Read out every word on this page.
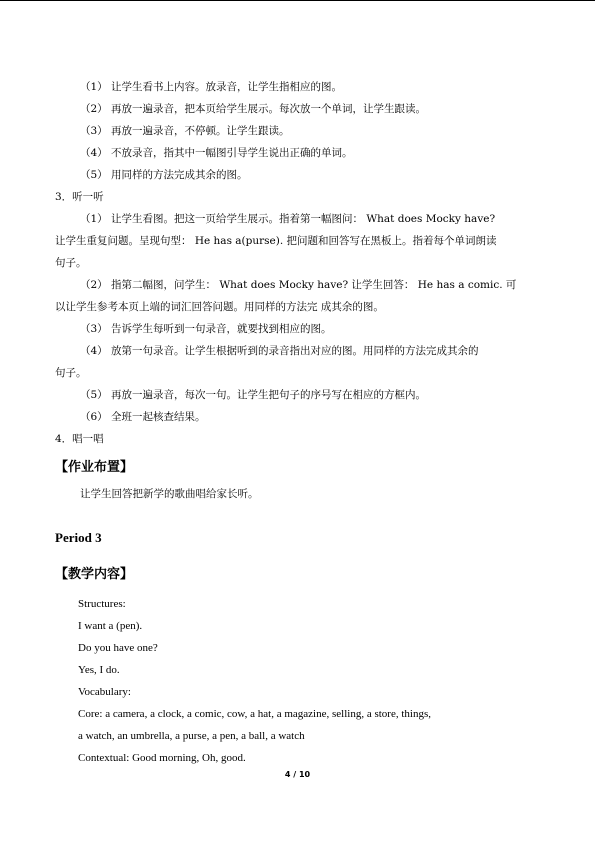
（1） 让学生看书上内容。放录音，让学生指相应的图。
（2） 再放一遍录音，把本页给学生展示。每次放一个单词，让学生跟读。
（3） 再放一遍录音，不停顿。让学生跟读。
（4） 不放录音，指其中一幅图引导学生说出正确的单词。
（5） 用同样的方法完成其余的图。
3．听一听
（1） 让学生看图。把这一页给学生展示。指着第一幅图问： What does Mocky have?
让学生重复问题。呈现句型： He has a(purse). 把问题和回答写在黑板上。指着每个单词朗读
句子。
（2） 指第二幅图，问学生： What does Mocky have? 让学生回答： He has a comic. 可
以让学生参考本页上端的词汇回答问题。用同样的方法完 成其余的图。
（3） 告诉学生每听到一句录音，就要找到相应的图。
（4） 放第一句录音。让学生根据听到的录音指出对应的图。用同样的方法完成其余的
句子。
（5） 再放一遍录音，每次一句。让学生把句子的序号写在相应的方框内。
（6） 全班一起核查结果。
4．唱一唱
【作业布置】
让学生回答把新学的歌曲唱给家长听。
Period 3
【教学内容】
Structures:
I want a (pen).
Do you have one?
Yes, I do.
Vocabulary:
Core: a camera, a clock, a comic, cow, a hat, a magazine, selling, a store, things,
a watch, an umbrella, a purse, a pen, a ball, a watch
Contextual: Good morning, Oh, good.
4 / 10
